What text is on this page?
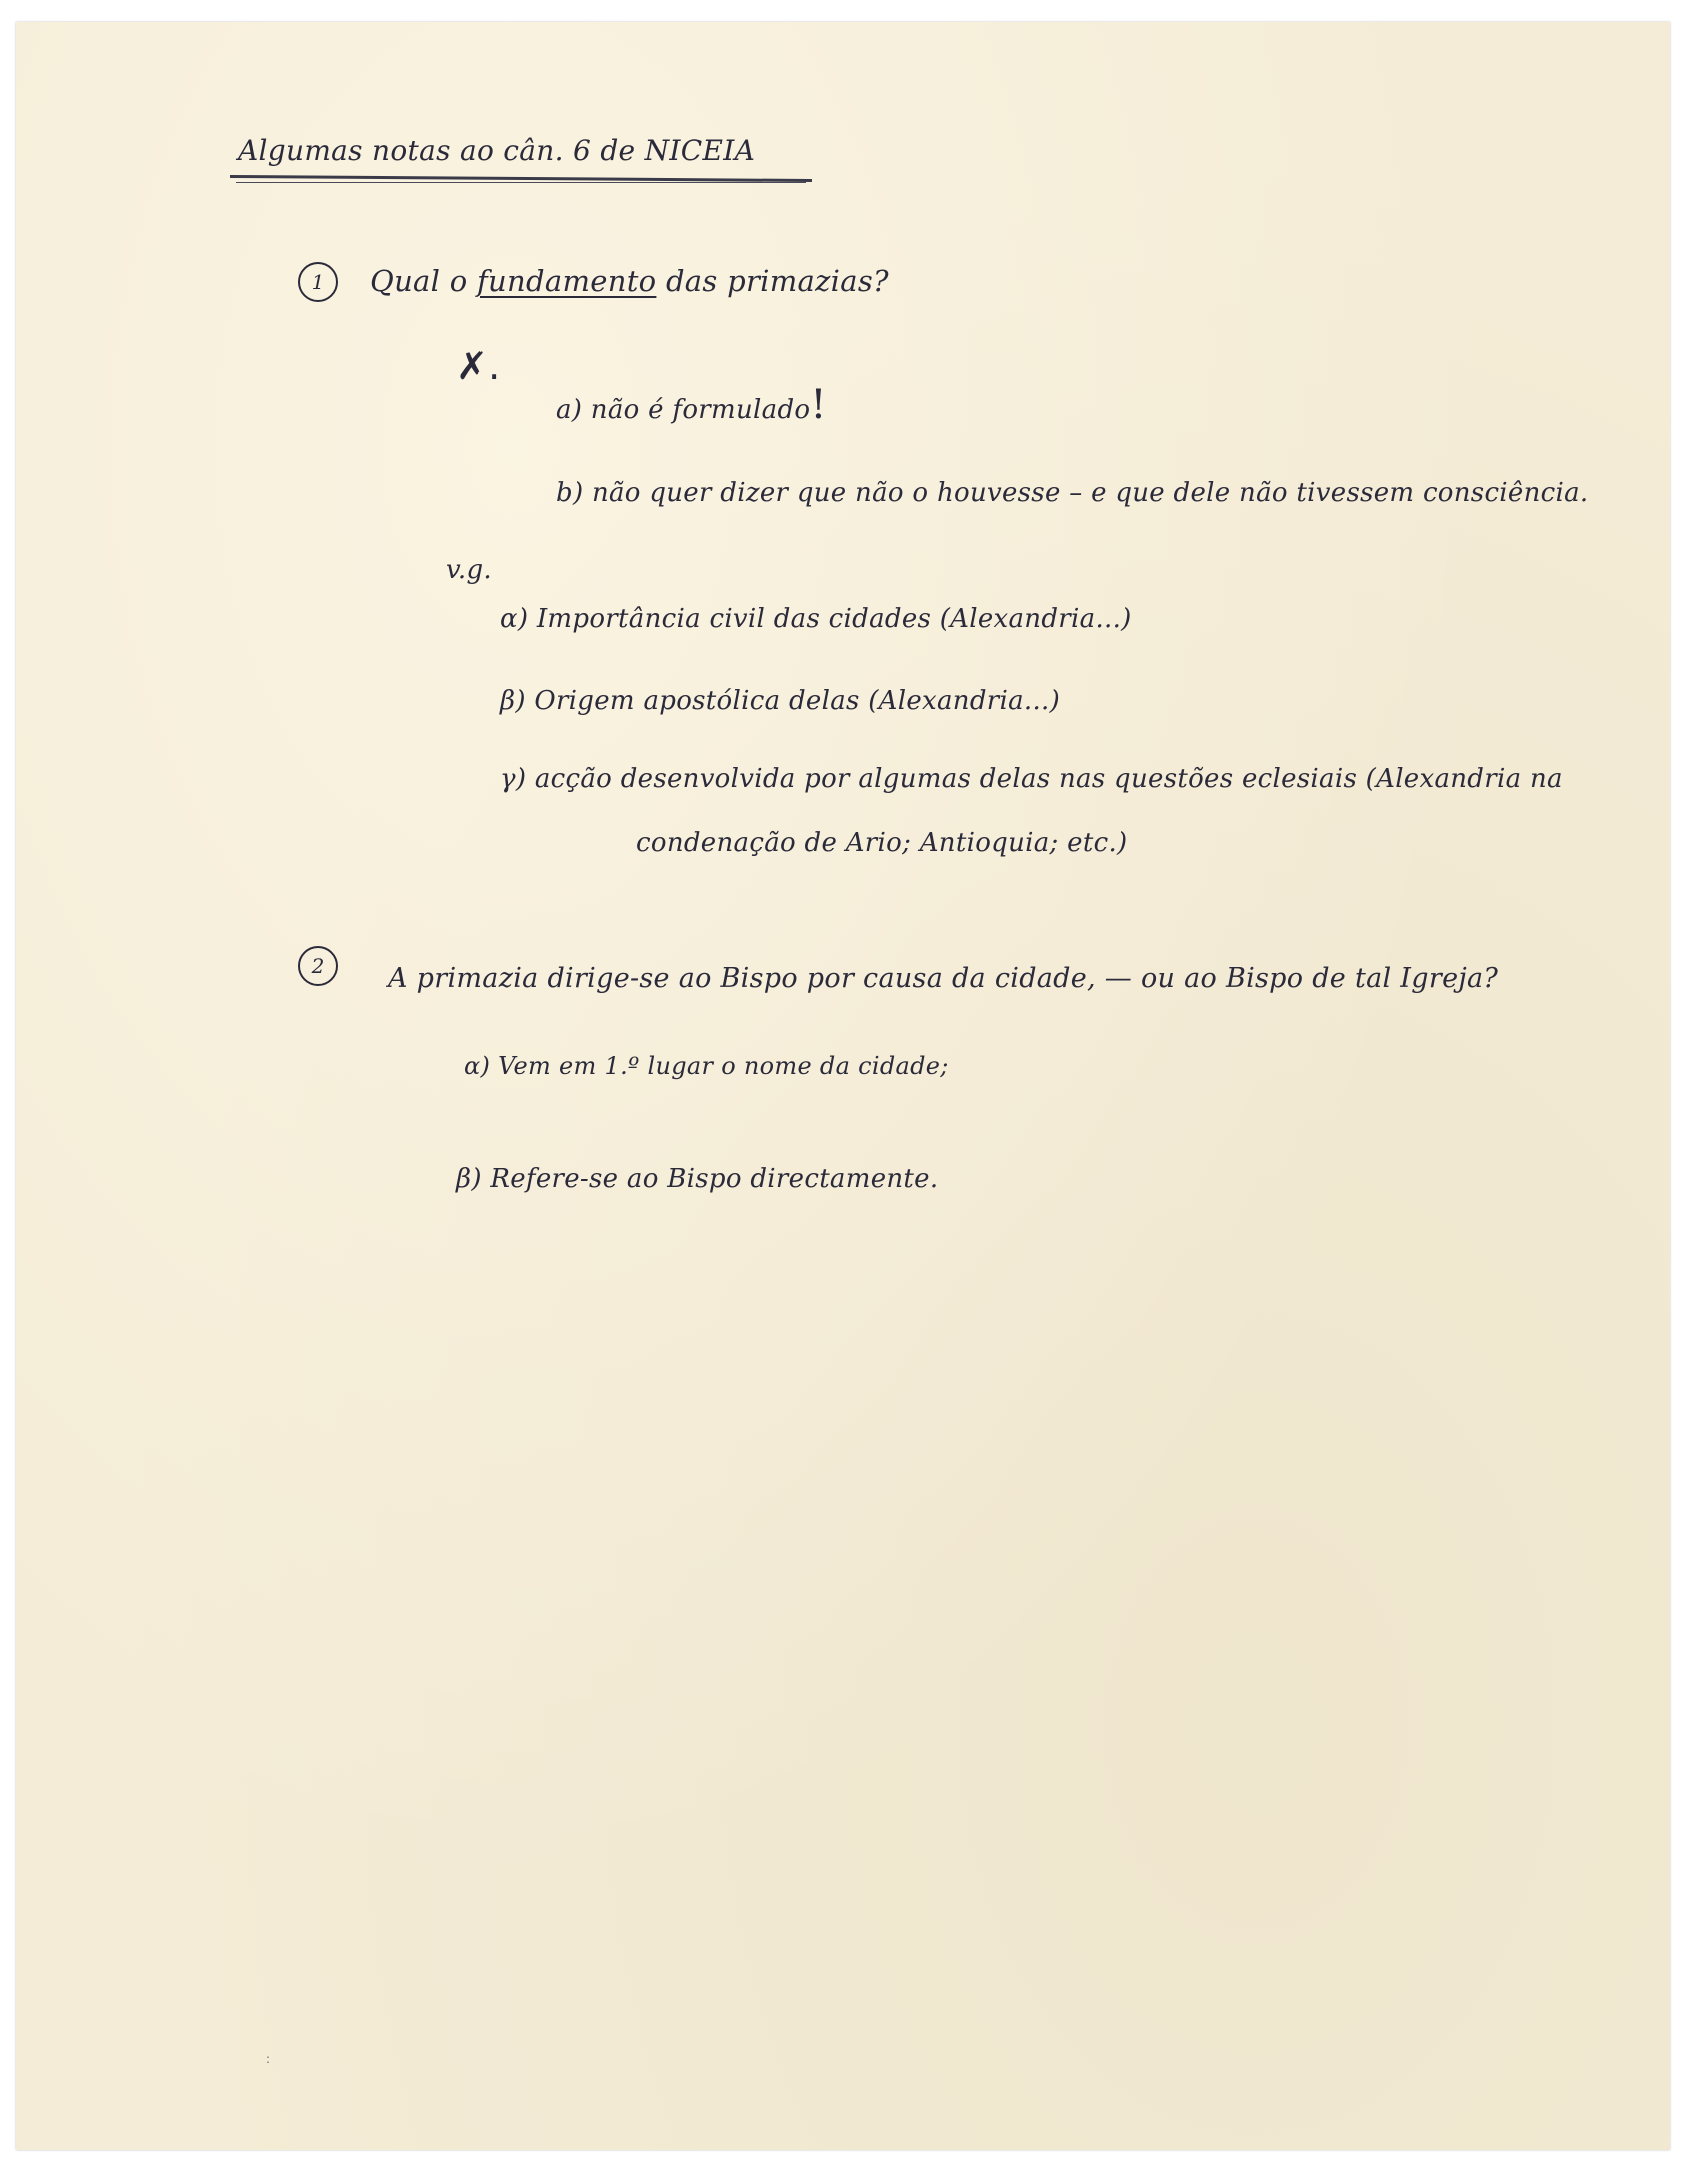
Algumas notas ao cân. 6 de NICEIA
1	Qual o fundamento das primazias?
✗.
a) não é formulado!
b) não quer dizer que não o houvesse – e que dele não tivessem consciência.
v.g.
α) Importância civil das cidades (Alexandria...)
β) Origem apostólica delas (Alexandria...)
γ) acção desenvolvida por algumas delas nas questões eclesiais (Alexandria na
condenação de Ario; Antioquia; etc.)
2	A primazia dirige-se ao Bispo por causa da cidade, — ou ao Bispo de tal Igreja?
α) Vem em 1.º lugar o nome da cidade;
β) Refere-se ao Bispo directamente.
:
